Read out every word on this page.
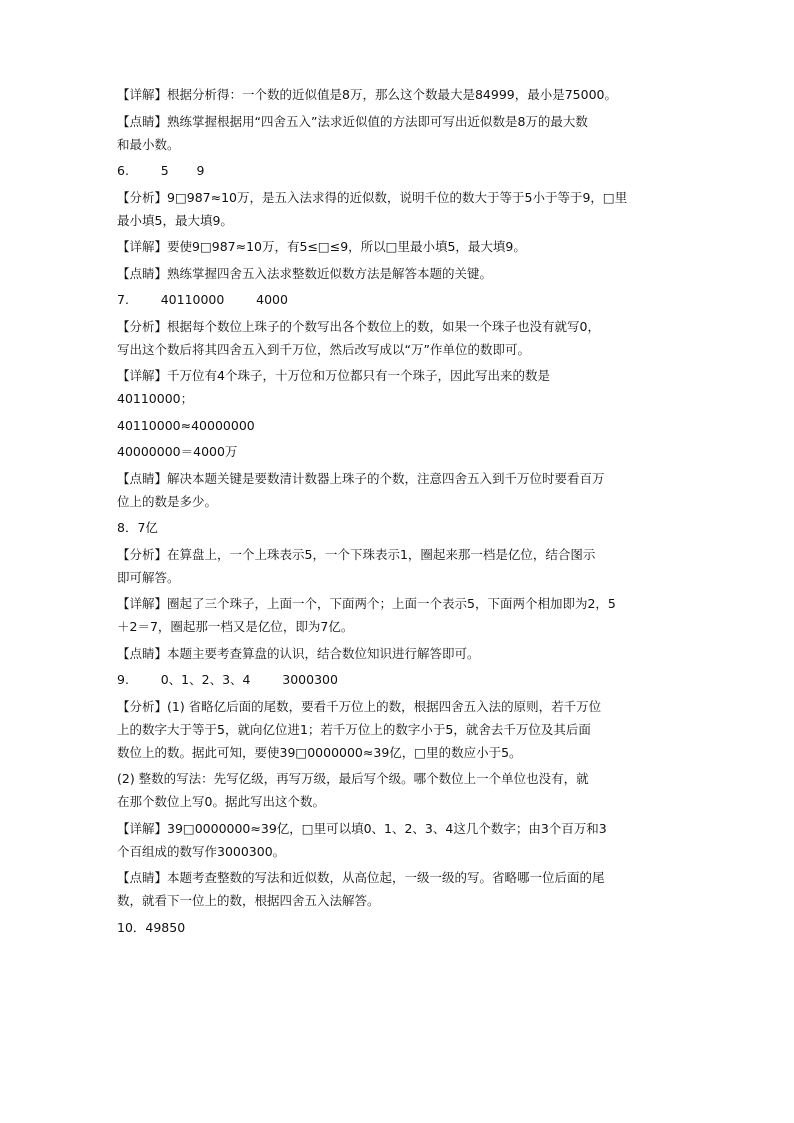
【详解】根据分析得：一个数的近似值是8万，那么这个数最大是84999，最小是75000。
【点睛】熟练掌握根据用“四舍五入”法求近似值的方法即可写出近似数是8万的最大数
和最小数。
6.        5       9
【分析】9□987≈10万，是五入法求得的近似数，说明千位的数大于等于5小于等于9，□里
最小填5，最大填9。
【详解】要使9□987≈10万，有5≤□≤9，所以□里最小填5，最大填9。
【点睛】熟练掌握四舍五入法求整数近似数方法是解答本题的关键。
7.        40110000        4000
【分析】根据每个数位上珠子的个数写出各个数位上的数，如果一个珠子也没有就写0，
写出这个数后将其四舍五入到千万位，然后改写成以“万”作单位的数即可。
【详解】千万位有4个珠子，十万位和万位都只有一个珠子，因此写出来的数是
40110000；
40110000≈40000000
40000000＝4000万
【点睛】解决本题关键是要数清计数器上珠子的个数，注意四舍五入到千万位时要看百万
位上的数是多少。
8．7亿
【分析】在算盘上，一个上珠表示5，一个下珠表示1，圈起来那一档是亿位，结合图示
即可解答。
【详解】圈起了三个珠子，上面一个，下面两个；上面一个表示5，下面两个相加即为2，5
＋2＝7，圈起那一档又是亿位，即为7亿。
【点睛】本题主要考查算盘的认识，结合数位知识进行解答即可。
9.        0、1、2、3、4        3000300
【分析】(1) 省略亿后面的尾数，要看千万位上的数，根据四舍五入法的原则，若千万位
上的数字大于等于5，就向亿位进1；若千万位上的数字小于5，就舍去千万位及其后面
数位上的数。据此可知，要使39□0000000≈39亿，□里的数应小于5。
(2) 整数的写法：先写亿级，再写万级，最后写个级。哪个数位上一个单位也没有，就
在那个数位上写0。据此写出这个数。
【详解】39□0000000≈39亿，□里可以填0、1、2、3、4这几个数字；由3个百万和3
个百组成的数写作3000300。
【点睛】本题考查整数的写法和近似数，从高位起，一级一级的写。省略哪一位后面的尾
数，就看下一位上的数，根据四舍五入法解答。
10．49850
